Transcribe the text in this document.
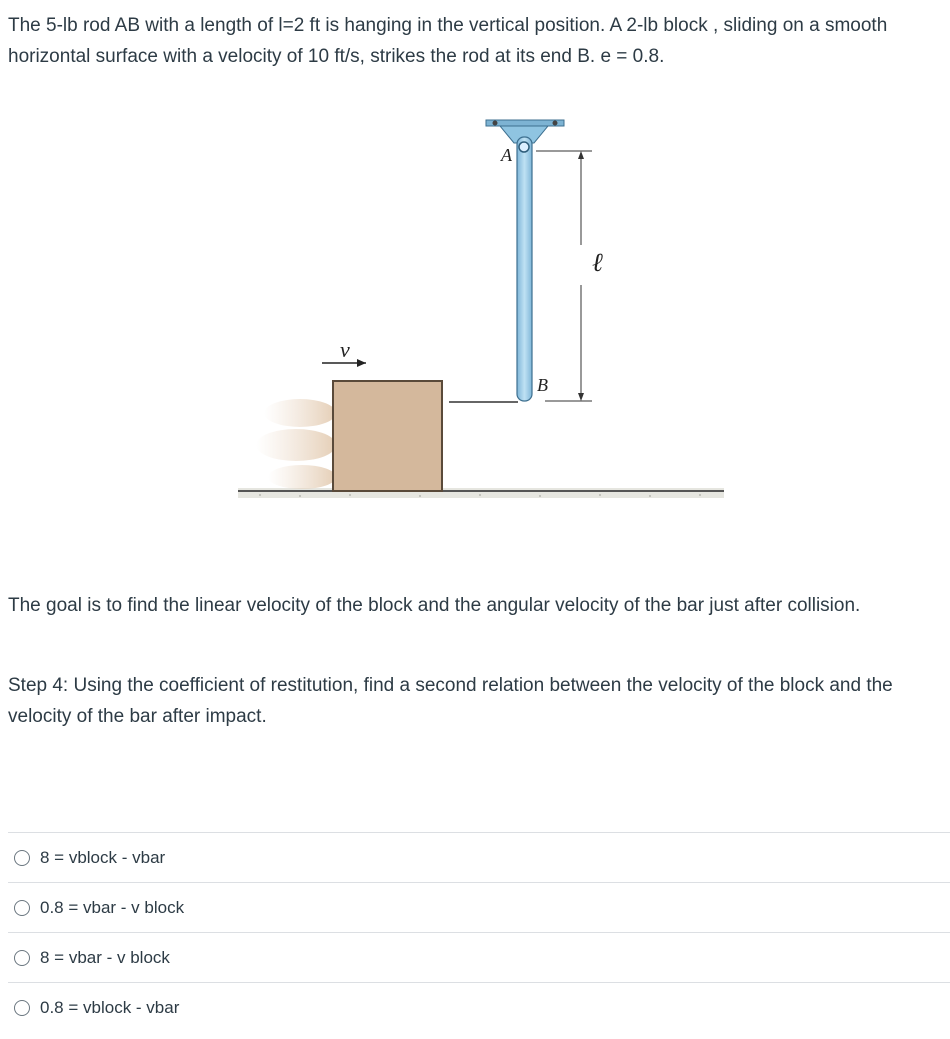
The 5-lb rod AB with a length of l=2 ft is hanging in the vertical position. A 2-lb block , sliding on a smooth horizontal surface with a velocity of 10 ft/s, strikes the rod at its end B. e = 0.8.

v
A
B
ℓ

The goal is to find the linear velocity of the block and the angular velocity of the bar just after collision.

Step 4: Using the coefficient of restitution, find a second relation between the velocity of the block and the velocity of the bar after impact.

8 = vblock - vbar
0.8 = vbar - v block
8 = vbar - v block
0.8 = vblock - vbar
